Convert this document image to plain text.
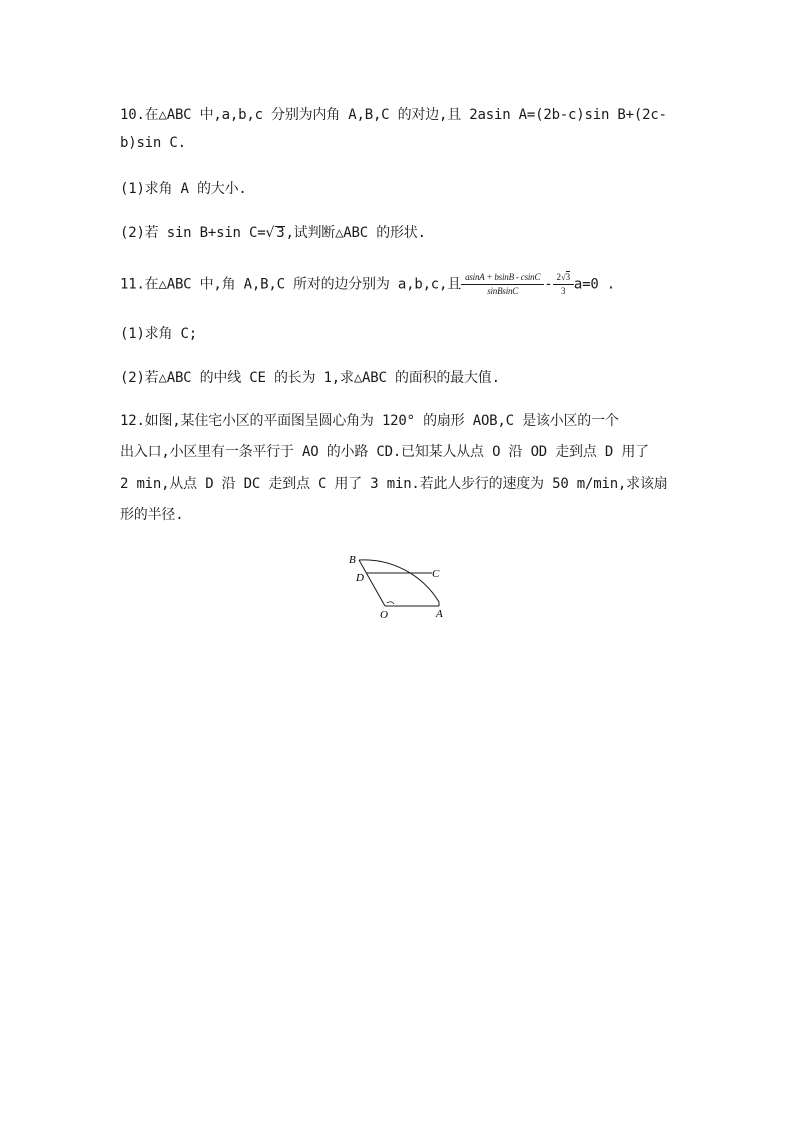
10.在△ABC 中,a,b,c 分别为内角 A,B,C 的对边,且 2asin A=(2b-c)sin B+(2c-
b)sin C.
(1)求角 A 的大小.
(2)若 sin B+sin C=√ 3,试判断△ABC 的形状.
11.在△ABC 中,角 A,B,C 所对的边分别为 a,b,c,且 $\frac{asinA + bsinB - csinC}{\text{sinBsinC}} - \frac{2√3}{3} a=0$ .
(1)求角 C;
(2)若△ABC 的中线 CE 的长为 1,求△ABC 的面积的最大值.
12.如图,某住宅小区的平面图呈圆心角为 120° 的扇形 AOB,C 是该小区的一个
出入口,小区里有一条平行于 AO 的小路 CD.已知某人从点 O 沿 OD 走到点 D 用了
2 min,从点 D 沿 DC 走到点 C 用了 3 min.若此人步行的速度为 50 m/min,求该扇
形的半径.
B
D	C
O	A
